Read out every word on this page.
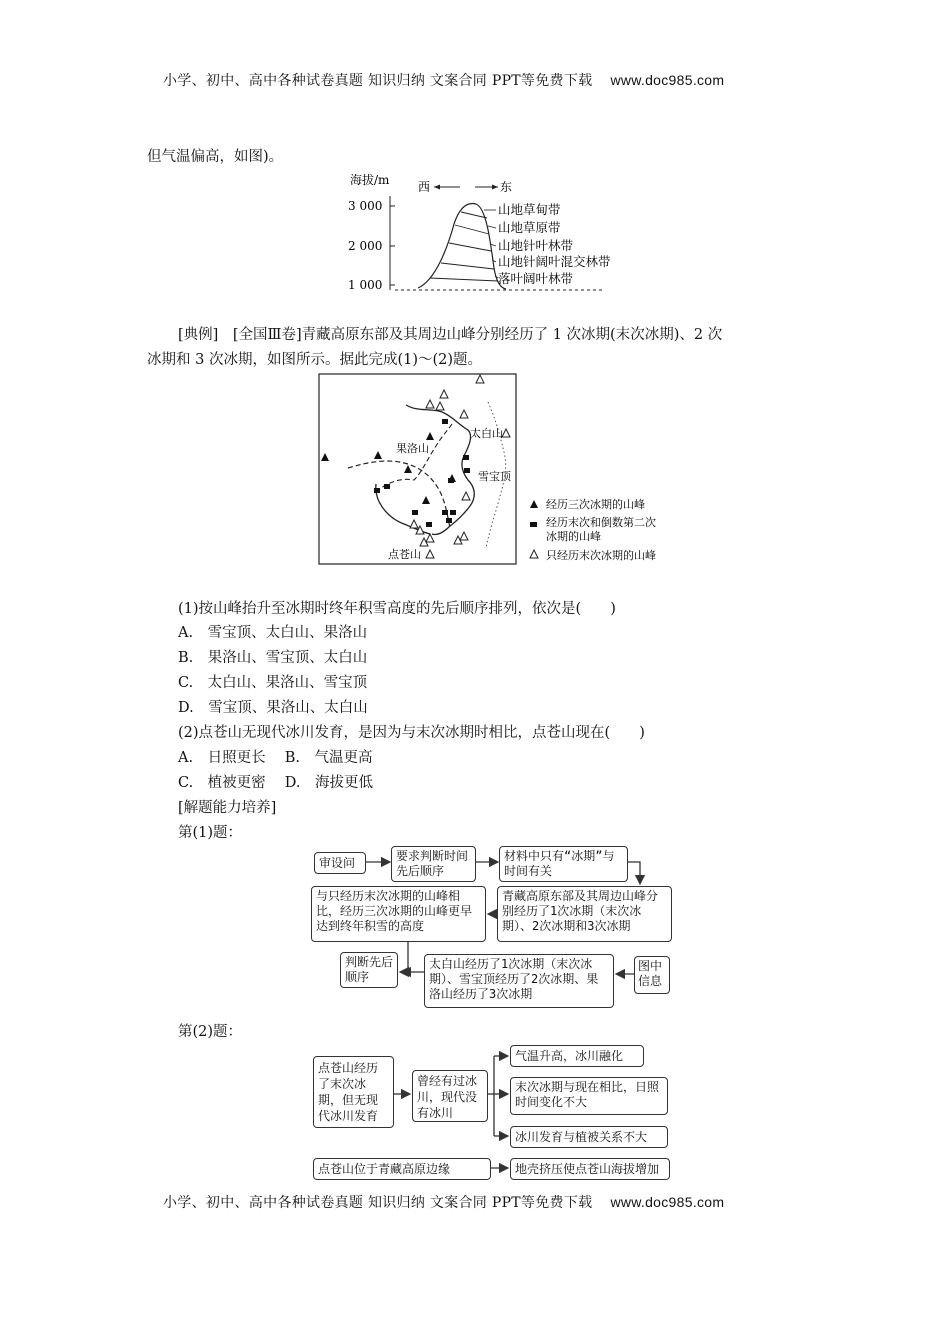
小学、初中、高中各种试卷真题 知识归纳 文案合同 PPT等免费下载 www.doc985.com
但气温偏高，如图)。
海拔/m 西	东
3 000
2 000
1 000
山地草甸带
山地草原带
山地针叶林带
山地针阔叶混交林带
落叶阔叶林带
[典例]　[全国Ⅲ卷]青藏高原东部及其周边山峰分别经历了 1 次冰期(末次冰期)、2 次
冰期和 3 次冰期，如图所示。据此完成(1)～(2)题。
果洛山
太白山
雪宝顶
点苍山
经历三次冰期的山峰
经历末次和倒数第二次
冰期的山峰
只经历末次冰期的山峰
(1)按山峰抬升至冰期时终年积雪高度的先后顺序排列，依次是(　　)
A.　雪宝顶、太白山、果洛山
B.　果洛山、雪宝顶、太白山
C.　太白山、果洛山、雪宝顶
D.　雪宝顶、果洛山、太白山
(2)点苍山无现代冰川发育，是因为与末次冰期时相比，点苍山现在(　　)
A.　日照更长　 B.　气温更高
C.　植被更密　 D.　海拔更低
[解题能力培养]
第(1)题：
审设问	要求判断时间先后顺序
材料中只有“冰期”与时间有关
青藏高原东部及其周边山峰分别经历了1次冰期（末次冰期）、2次冰期和3次冰期
与只经历末次冰期的山峰相比，经历三次冰期的山峰更早达到终年积雪的高度
判断先后顺序
太白山经历了1次冰期（末次冰期）、雪宝顶经历了2次冰期、果洛山经历了3次冰期
图中信息
第(2)题：
点苍山经历了末次冰期，但无现代冰川发育
曾经有过冰川，现代没有冰川
气温升高，冰川融化
末次冰期与现在相比，日照时间变化不大
冰川发育与植被关系不大
点苍山位于青藏高原边缘	地壳挤压使点苍山海拔增加
小学、初中、高中各种试卷真题 知识归纳 文案合同 PPT等免费下载 www.doc985.com
